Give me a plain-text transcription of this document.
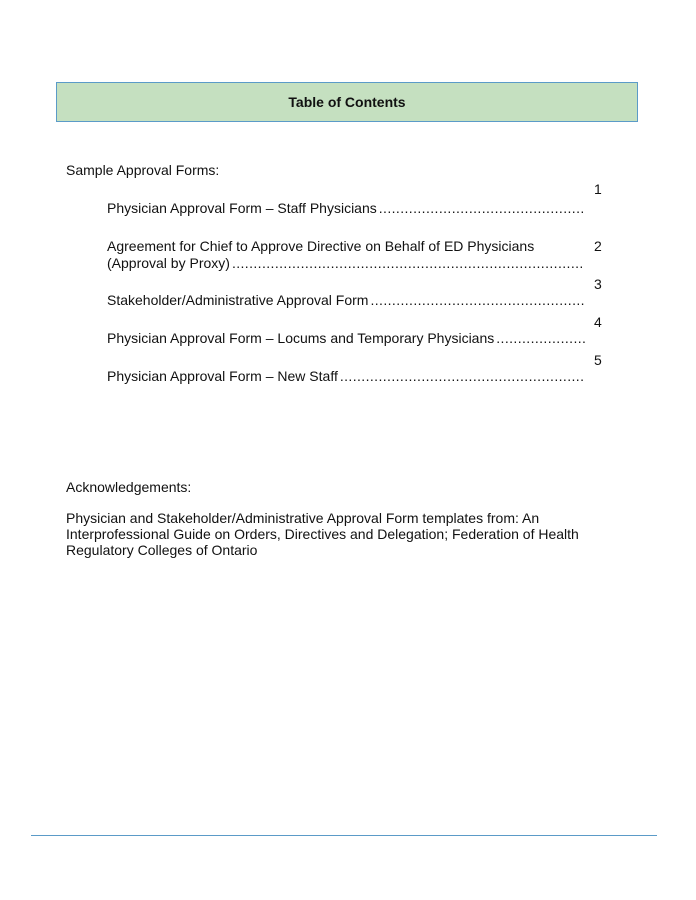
Table of Contents
Sample Approval Forms:
1
Physician Approval Form – Staff Physicians
.....
2
Agreement for Chief to Approve Directive on Behalf of ED Physicians
(Approval by Proxy)
.....
3
Stakeholder/Administrative Approval Form
.....
4
Physician Approval Form – Locums and Temporary Physicians
.....
5
Physician Approval Form – New Staff
.....
Acknowledgements:
Physician and Stakeholder/Administrative Approval Form templates from: An Interprofessional Guide on Orders, Directives and Delegation; Federation of Health Regulatory Colleges of Ontario
